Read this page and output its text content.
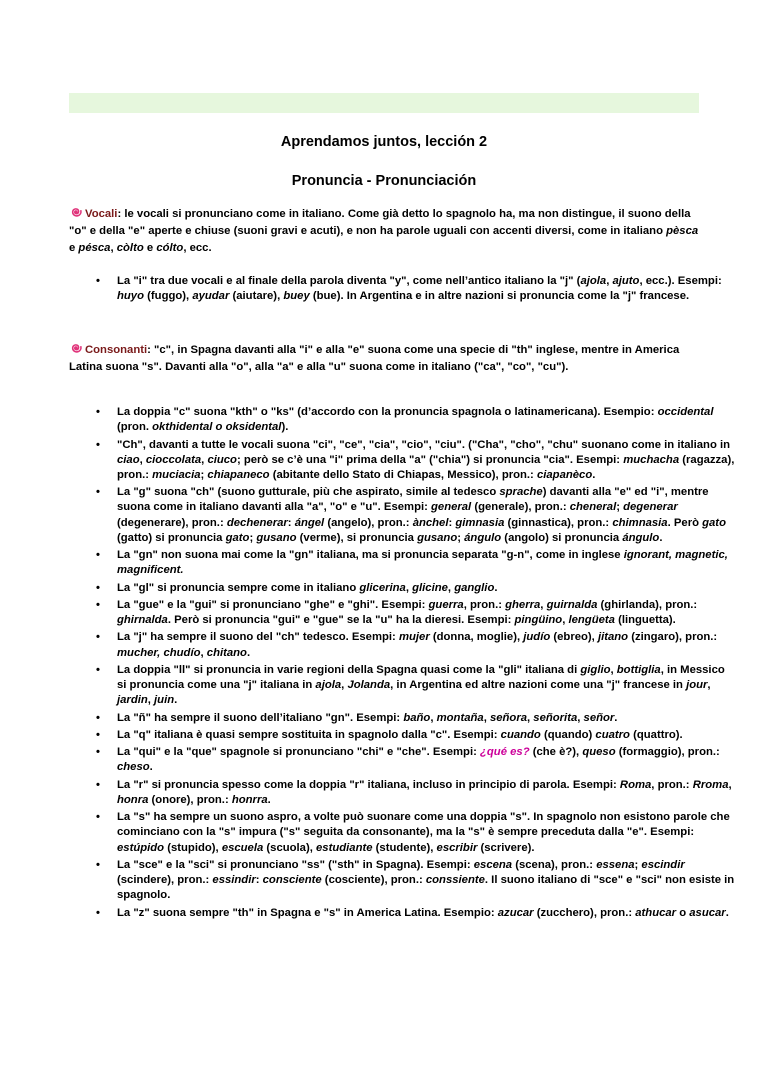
Aprendamos juntos, lección 2
Pronuncia - Pronunciación

Vocali: le vocali si pronunciano come in italiano. Come già detto lo spagnolo ha, ma non distingue, il suono della "o" e della "e" aperte e chiuse (suoni gravi e acuti), e non ha parole uguali con accenti diversi, come in italiano pèsca e pésca, còlto e cólto, ecc.

• La "i" tra due vocali e al finale della parola diventa "y", come nell’antico italiano la "j" (ajola, ajuto, ecc.). Esempi: huyo (fuggo), ayudar (aiutare), buey (bue). In Argentina e in altre nazioni si pronuncia come la "j" francese.

Consonanti: "c", in Spagna davanti alla "i" e alla "e" suona come una specie di "th" inglese, mentre in America Latina suona "s". Davanti alla "o", alla "a" e alla "u" suona come in italiano ("ca", "co", "cu").

• La doppia "c" suona "kth" o "ks" (d’accordo con la pronuncia spagnola o latinamericana). Esempio: occidental (pron. okthidental o oksidental).
• "Ch", davanti a tutte le vocali suona "ci", "ce", "cia", "cio", "ciu". ("Cha", "cho", "chu" suonano come in italiano in ciao, cioccolata, ciuco; però se c’è una "i" prima della "a" ("chia") si pronuncia "cia". Esempi: muchacha (ragazza), pron.: muciacia; chiapaneco (abitante dello Stato di Chiapas, Messico), pron.: ciapanèco.
• La "g" suona "ch" (suono gutturale, più che aspirato, simile al tedesco sprache) davanti alla "e" ed "i", mentre suona come in italiano davanti alla "a", "o" e "u". Esempi: general (generale), pron.: cheneral; degenerar (degenerare), pron.: dechenerar: ángel (angelo), pron.: ànchel: gimnasia (ginnastica), pron.: chimnasia. Però gato (gatto) si pronuncia gato; gusano (verme), si pronuncia gusano; ángulo (angolo) si pronuncia ángulo.
• La "gn" non suona mai come la "gn" italiana, ma si pronuncia separata "g-n", come in inglese ignorant, magnetic, magnificent.
• La "gl" si pronuncia sempre come in italiano glicerina, glicine, ganglio.
• La "gue" e la "gui" si pronunciano "ghe" e "ghi". Esempi: guerra, pron.: gherra, guirnalda (ghirlanda), pron.: ghirnalda. Però si pronuncia "gui" e "gue" se la "u" ha la dieresi. Esempi: pingüino, lengüeta (linguetta).
• La "j" ha sempre il suono del "ch" tedesco. Esempi: mujer (donna, moglie), judío (ebreo), jitano (zingaro), pron.: mucher, chudío, chitano.
• La doppia "ll" si pronuncia in varie regioni della Spagna quasi come la "gli" italiana di giglio, bottiglia, in Messico si pronuncia come una "j" italiana in ajola, Jolanda, in Argentina ed altre nazioni come una "j" francese in jour, jardin, juin.
• La "ñ" ha sempre il suono dell’italiano "gn". Esempi: baño, montaña, señora, señorita, señor.
• La "q" italiana è quasi sempre sostituita in spagnolo dalla "c". Esempi: cuando (quando) cuatro (quattro).
• La "qui" e la "que" spagnole si pronunciano "chi" e "che". Esempi: ¿qué es? (che è?), queso (formaggio), pron.: cheso.
• La "r" si pronuncia spesso come la doppia "r" italiana, incluso in principio di parola. Esempi: Roma, pron.: Rroma, honra (onore), pron.: honrra.
• La "s" ha sempre un suono aspro, a volte può suonare come una doppia "s". In spagnolo non esistono parole che cominciano con la "s" impura ("s" seguita da consonante), ma la "s" è sempre preceduta dalla "e". Esempi: estúpido (stupido), escuela (scuola), estudiante (studente), escribir (scrivere).
• La "sce" e la "sci" si pronunciano "ss" ("sth" in Spagna). Esempi: escena (scena), pron.: essena; escindir (scindere), pron.: essindir: consciente (cosciente), pron.: conssiente. Il suono italiano di "sce" e "sci" non esiste in spagnolo.
• La "z" suona sempre "th" in Spagna e "s" in America Latina. Esempio: azucar (zucchero), pron.: athucar o asucar.
